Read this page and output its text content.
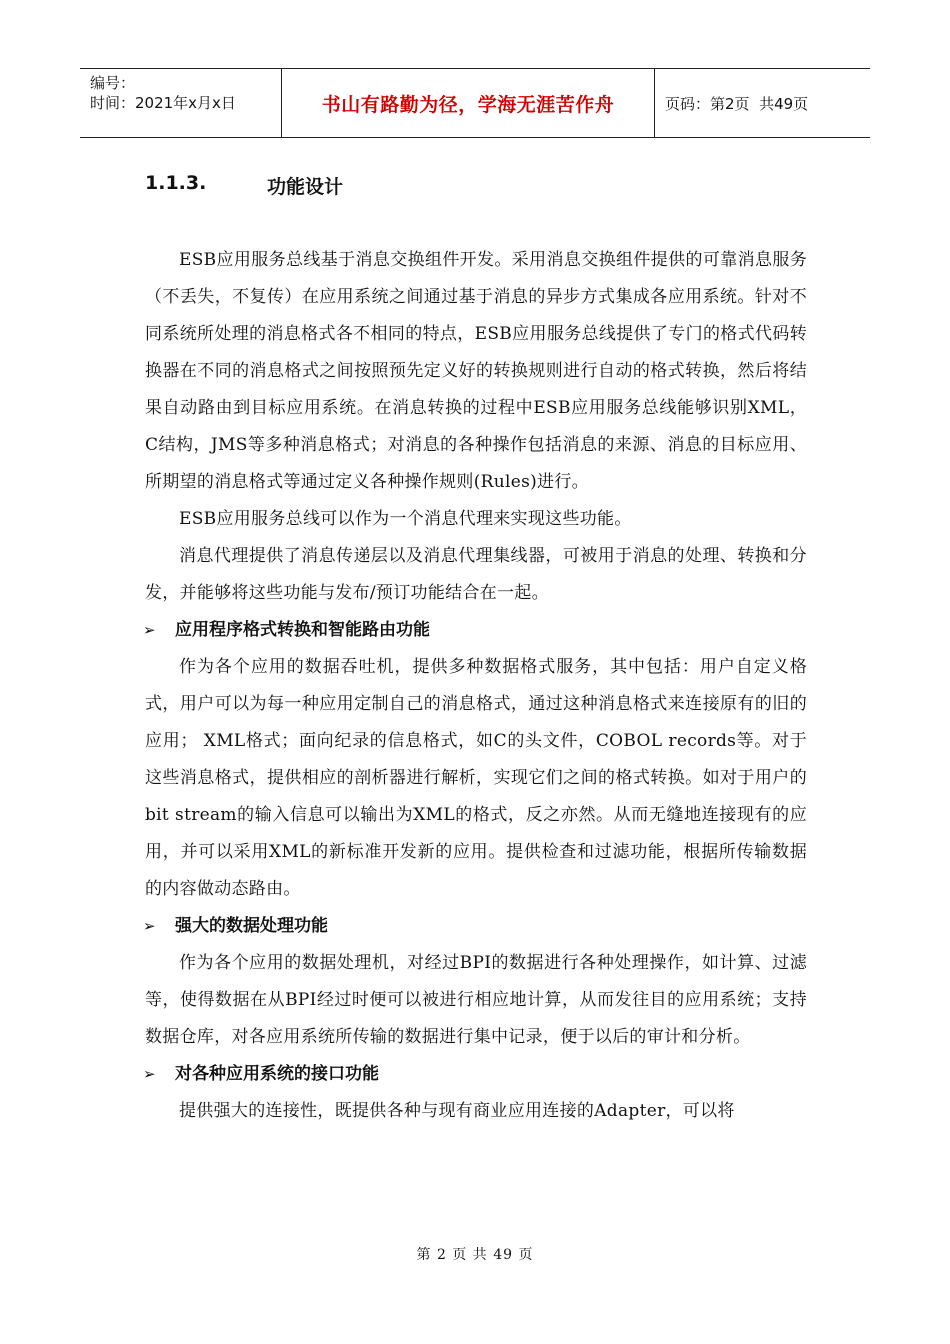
编号：
时间：2021年x月x日	书山有路勤为径，学海无涯苦作舟	页码：第2页  共49页
1.1.3.	功能设计

ESB应用服务总线基于消息交换组件开发。采用消息交换组件提供的可靠消息服务（不丢失，不复传）在应用系统之间通过基于消息的异步方式集成各应用系统。针对不同系统所处理的消息格式各不相同的特点，ESB应用服务总线提供了专门的格式代码转换器在不同的消息格式之间按照预先定义好的转换规则进行自动的格式转换，然后将结果自动路由到目标应用系统。在消息转换的过程中ESB应用服务总线能够识别XML，C结构，JMS等多种消息格式；对消息的各种操作包括消息的来源、消息的目标应用、所期望的消息格式等通过定义各种操作规则(Rules)进行。

ESB应用服务总线可以作为一个消息代理来实现这些功能。

消息代理提供了消息传递层以及消息代理集线器，可被用于消息的处理、转换和分发，并能够将这些功能与发布/预订功能结合在一起。

➢	应用程序格式转换和智能路由功能

作为各个应用的数据吞吐机，提供多种数据格式服务，其中包括：用户自定义格式，用户可以为每一种应用定制自己的消息格式，通过这种消息格式来连接原有的旧的应用； XML格式；面向纪录的信息格式，如C的头文件，COBOL records等。对于这些消息格式，提供相应的剖析器进行解析，实现它们之间的格式转换。如对于用户的bit stream的输入信息可以输出为XML的格式，反之亦然。从而无缝地连接现有的应用，并可以采用XML的新标准开发新的应用。提供检查和过滤功能，根据所传输数据的内容做动态路由。

➢	强大的数据处理功能

作为各个应用的数据处理机，对经过BPI的数据进行各种处理操作，如计算、过滤等，使得数据在从BPI经过时便可以被进行相应地计算，从而发往目的应用系统；支持数据仓库，对各应用系统所传输的数据进行集中记录，便于以后的审计和分析。

➢	对各种应用系统的接口功能

提供强大的连接性，既提供各种与现有商业应用连接的Adapter，可以将

第 2 页 共 49 页
